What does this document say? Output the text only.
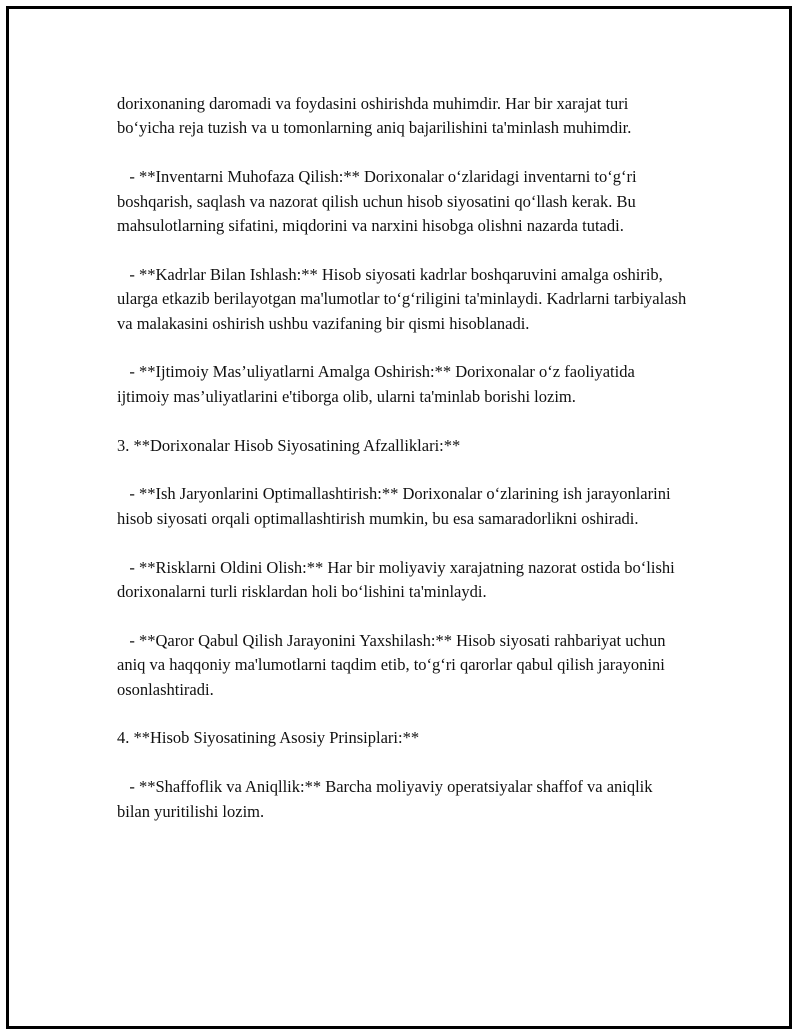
dorixonaning daromadi va foydasini oshirishda muhimdir. Har bir xarajat turi bo‘yicha reja tuzish va u tomonlarning aniq bajarilishini ta'minlash muhimdir.

- **Inventarni Muhofaza Qilish:** Dorixonalar o‘zlaridagi inventarni to‘g‘ri boshqarish, saqlash va nazorat qilish uchun hisob siyosatini qo‘llash kerak. Bu mahsulotlarning sifatini, miqdorini va narxini hisobga olishni nazarda tutadi.

- **Kadrlar Bilan Ishlash:** Hisob siyosati kadrlar boshqaruvini amalga oshirib, ularga etkazib berilayotgan ma'lumotlar to‘g‘riligini ta'minlaydi. Kadrlarni tarbiyalash va malakasini oshirish ushbu vazifaning bir qismi hisoblanadi.

- **Ijtimoiy Mas’uliyatlarni Amalga Oshirish:** Dorixonalar o‘z faoliyatida ijtimoiy mas’uliyatlarini e'tiborga olib, ularni ta'minlab borishi lozim.

3. **Dorixonalar Hisob Siyosatining Afzalliklari:**

- **Ish Jaryonlarini Optimallashtirish:** Dorixonalar o‘zlarining ish jarayonlarini hisob siyosati orqali optimallashtirish mumkin, bu esa samaradorlikni oshiradi.

- **Risklarni Oldini Olish:** Har bir moliyaviy xarajatning nazorat ostida bo‘lishi dorixonalarni turli risklardan holi bo‘lishini ta'minlaydi.

- **Qaror Qabul Qilish Jarayonini Yaxshilash:** Hisob siyosati rahbariyat uchun aniq va haqqoniy ma'lumotlarni taqdim etib, to‘g‘ri qarorlar qabul qilish jarayonini osonlashtiradi.

4. **Hisob Siyosatining Asosiy Prinsiplari:**

- **Shaffoflik va Aniqllik:** Barcha moliyaviy operatsiyalar shaffof va aniqlik bilan yuritilishi lozim.
